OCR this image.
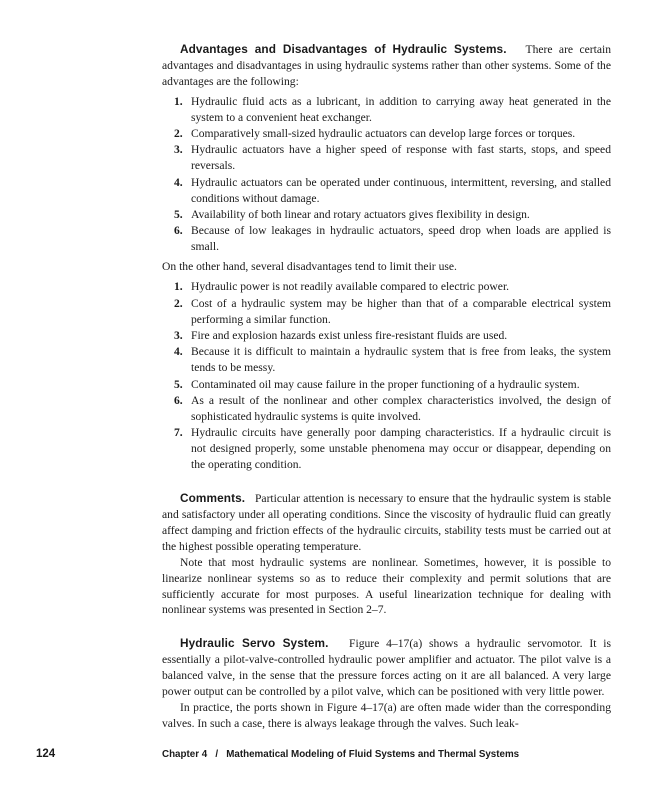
Advantages and Disadvantages of Hydraulic Systems. There are certain advantages and disadvantages in using hydraulic systems rather than other systems. Some of the advantages are the following:

1. Hydraulic fluid acts as a lubricant, in addition to carrying away heat generated in the system to a convenient heat exchanger.
2. Comparatively small-sized hydraulic actuators can develop large forces or torques.
3. Hydraulic actuators have a higher speed of response with fast starts, stops, and speed reversals.
4. Hydraulic actuators can be operated under continuous, intermittent, reversing, and stalled conditions without damage.
5. Availability of both linear and rotary actuators gives flexibility in design.
6. Because of low leakages in hydraulic actuators, speed drop when loads are applied is small.

On the other hand, several disadvantages tend to limit their use.

1. Hydraulic power is not readily available compared to electric power.
2. Cost of a hydraulic system may be higher than that of a comparable electrical system performing a similar function.
3. Fire and explosion hazards exist unless fire-resistant fluids are used.
4. Because it is difficult to maintain a hydraulic system that is free from leaks, the system tends to be messy.
5. Contaminated oil may cause failure in the proper functioning of a hydraulic system.
6. As a result of the nonlinear and other complex characteristics involved, the design of sophisticated hydraulic systems is quite involved.
7. Hydraulic circuits have generally poor damping characteristics. If a hydraulic circuit is not designed properly, some unstable phenomena may occur or disappear, depending on the operating condition.

Comments. Particular attention is necessary to ensure that the hydraulic system is stable and satisfactory under all operating conditions. Since the viscosity of hydraulic fluid can greatly affect damping and friction effects of the hydraulic circuits, stability tests must be carried out at the highest possible operating temperature.

Note that most hydraulic systems are nonlinear. Sometimes, however, it is possible to linearize nonlinear systems so as to reduce their complexity and permit solutions that are sufficiently accurate for most purposes. A useful linearization technique for dealing with nonlinear systems was presented in Section 2–7.

Hydraulic Servo System. Figure 4–17(a) shows a hydraulic servomotor. It is essentially a pilot-valve-controlled hydraulic power amplifier and actuator. The pilot valve is a balanced valve, in the sense that the pressure forces acting on it are all balanced. A very large power output can be controlled by a pilot valve, which can be positioned with very little power.

In practice, the ports shown in Figure 4–17(a) are often made wider than the corresponding valves. In such a case, there is always leakage through the valves. Such leak-

124	Chapter 4   /   Mathematical Modeling of Fluid Systems and Thermal Systems
